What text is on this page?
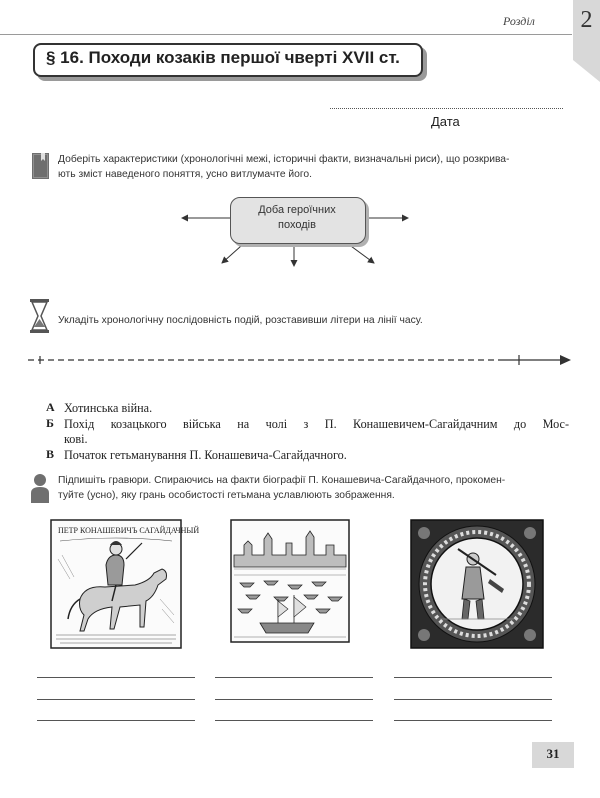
Розділ	2
§ 16. Походи козаків першої чверті XVII ст.
Дата
Доберіть характеристики (хронологічні межі, історичні факти, визначальні риси), що розкрива-
ють зміст наведеного поняття, усно витлумачте його.
Доба героїчних
походів
Укладіть хронологічну послідовність подій, розставивши літери на лінії часу.
А Хотинська війна.
Б Похід козацького війська на чолі з П. Конашевичем-Сагайдачним до Мос-
кові.
В Початок гетьманування П. Конашевича-Сагайдачного.
Підпишіть гравюри. Спираючись на факти біографії П. Конашевича-Сагайдачного, прокомен-
туйте (усно), яку грань особистості гетьмана уславлюють зображення.
ПЕТР КОНАШЕВИЧЪ САГАЙДАЧНЫЙ
31
